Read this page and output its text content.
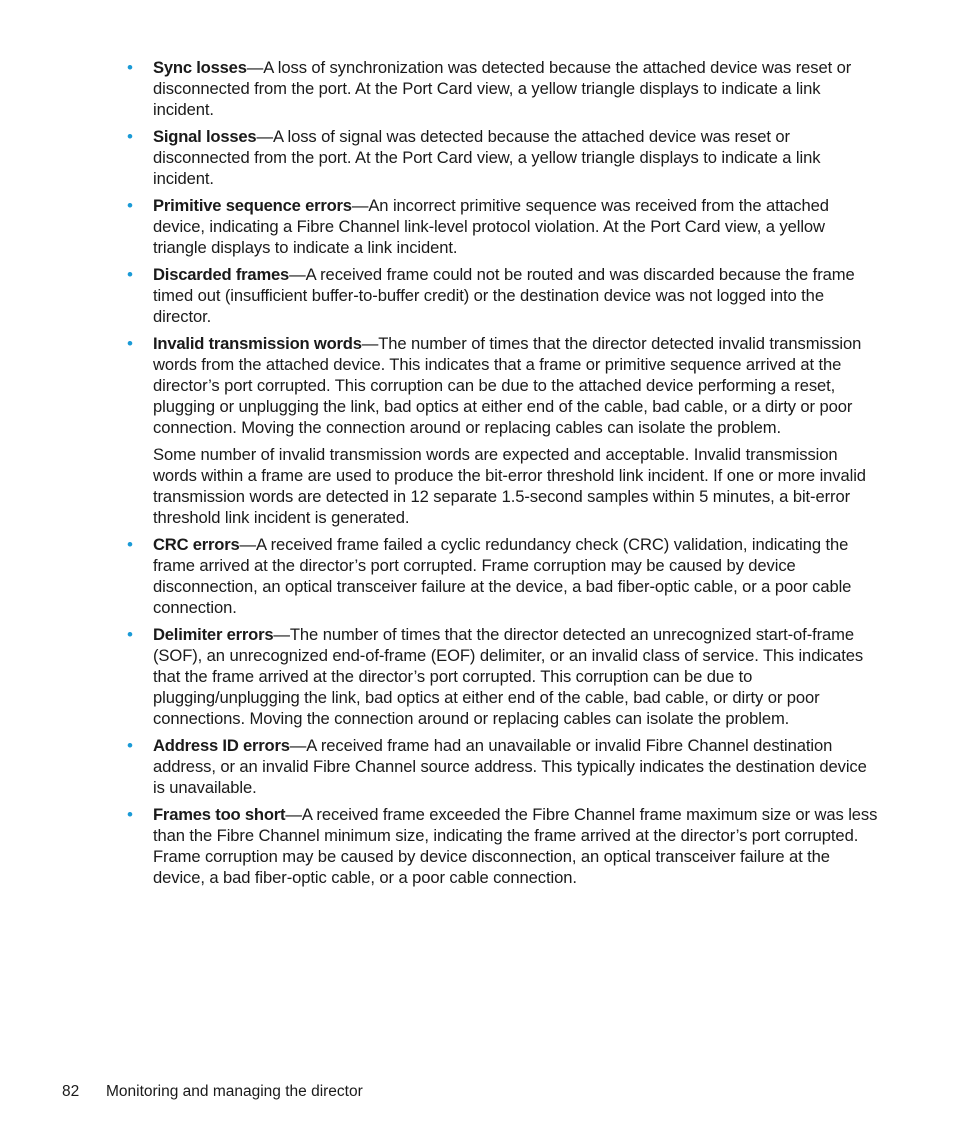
•	Sync losses—A loss of synchronization was detected because the attached device was reset or disconnected from the port. At the Port Card view, a yellow triangle displays to indicate a link incident.

•	Signal losses—A loss of signal was detected because the attached device was reset or disconnected from the port. At the Port Card view, a yellow triangle displays to indicate a link incident.

•	Primitive sequence errors—An incorrect primitive sequence was received from the attached device, indicating a Fibre Channel link-level protocol violation. At the Port Card view, a yellow triangle displays to indicate a link incident.

•	Discarded frames—A received frame could not be routed and was discarded because the frame timed out (insufficient buffer-to-buffer credit) or the destination device was not logged into the director.

•	Invalid transmission words—The number of times that the director detected invalid transmission words from the attached device. This indicates that a frame or primitive sequence arrived at the director’s port corrupted. This corruption can be due to the attached device performing a reset, plugging or unplugging the link, bad optics at either end of the cable, bad cable, or a dirty or poor connection. Moving the connection around or replacing cables can isolate the problem.

Some number of invalid transmission words are expected and acceptable. Invalid transmission words within a frame are used to produce the bit-error threshold link incident. If one or more invalid transmission words are detected in 12 separate 1.5-second samples within 5 minutes, a bit-error threshold link incident is generated.

•	CRC errors—A received frame failed a cyclic redundancy check (CRC) validation, indicating the frame arrived at the director’s port corrupted. Frame corruption may be caused by device disconnection, an optical transceiver failure at the device, a bad fiber-optic cable, or a poor cable connection.

•	Delimiter errors—The number of times that the director detected an unrecognized start-of-frame (SOF), an unrecognized end-of-frame (EOF) delimiter, or an invalid class of service. This indicates that the frame arrived at the director’s port corrupted. This corruption can be due to plugging/unplugging the link, bad optics at either end of the cable, bad cable, or dirty or poor connections. Moving the connection around or replacing cables can isolate the problem.

•	Address ID errors—A received frame had an unavailable or invalid Fibre Channel destination address, or an invalid Fibre Channel source address. This typically indicates the destination device is unavailable.

•	Frames too short—A received frame exceeded the Fibre Channel frame maximum size or was less than the Fibre Channel minimum size, indicating the frame arrived at the director’s port corrupted. Frame corruption may be caused by device disconnection, an optical transceiver failure at the device, a bad fiber-optic cable, or a poor cable connection.

82 Monitoring and managing the director
